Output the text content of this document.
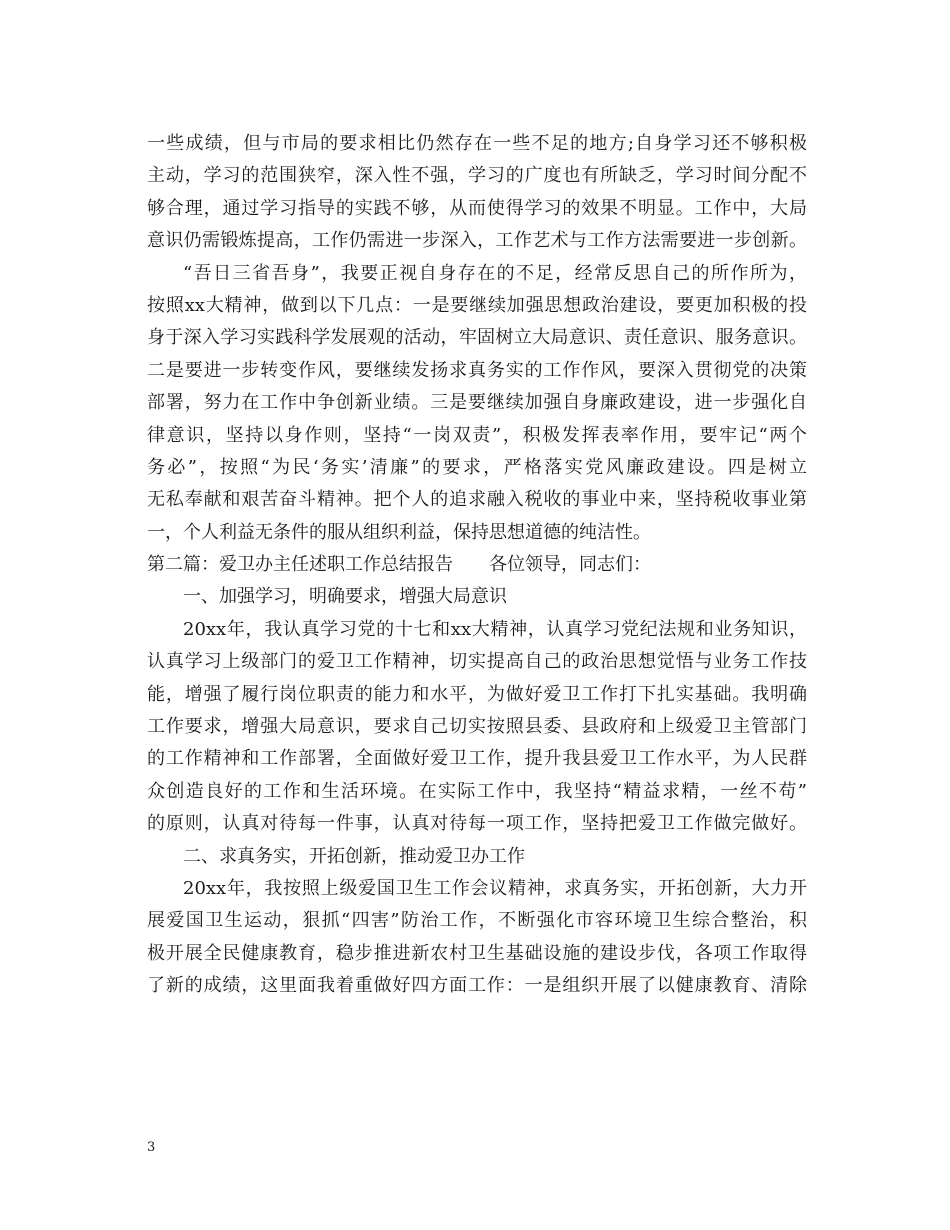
一些成绩，但与市局的要求相比仍然存在一些不足的地方;自身学习还不够积极
主动，学习的范围狭窄，深入性不强，学习的广度也有所缺乏，学习时间分配不
够合理，通过学习指导的实践不够，从而使得学习的效果不明显。工作中，大局
意识仍需锻炼提高，工作仍需进一步深入，工作艺术与工作方法需要进一步创新。
“吾日三省吾身”，我要正视自身存在的不足，经常反思自己的所作所为，
按照xx大精神，做到以下几点：一是要继续加强思想政治建设，要更加积极的投
身于深入学习实践科学发展观的活动，牢固树立大局意识、责任意识、服务意识。
二是要进一步转变作风，要继续发扬求真务实的工作作风，要深入贯彻党的决策
部署，努力在工作中争创新业绩。三是要继续加强自身廉政建设，进一步强化自
律意识，坚持以身作则，坚持“一岗双责”，积极发挥表率作用，要牢记“两个
务必”，按照“为民‘务实’清廉”的要求，严格落实党风廉政建设。四是树立
无私奉献和艰苦奋斗精神。把个人的追求融入税收的事业中来，坚持税收事业第
一，个人利益无条件的服从组织利益，保持思想道德的纯洁性。
第二篇：爱卫办主任述职工作总结报告　　各位领导，同志们：
一、加强学习，明确要求，增强大局意识
20xx年，我认真学习党的十七和xx大精神，认真学习党纪法规和业务知识，
认真学习上级部门的爱卫工作精神，切实提高自己的政治思想觉悟与业务工作技
能，增强了履行岗位职责的能力和水平，为做好爱卫工作打下扎实基础。我明确
工作要求，增强大局意识，要求自己切实按照县委、县政府和上级爱卫主管部门
的工作精神和工作部署，全面做好爱卫工作，提升我县爱卫工作水平，为人民群
众创造良好的工作和生活环境。在实际工作中，我坚持“精益求精，一丝不苟”
的原则，认真对待每一件事，认真对待每一项工作，坚持把爱卫工作做完做好。
二、求真务实，开拓创新，推动爱卫办工作
20xx年，我按照上级爱国卫生工作会议精神，求真务实，开拓创新，大力开
展爱国卫生运动，狠抓“四害”防治工作，不断强化市容环境卫生综合整治，积
极开展全民健康教育，稳步推进新农村卫生基础设施的建设步伐，各项工作取得
了新的成绩，这里面我着重做好四方面工作：一是组织开展了以健康教育、清除
3
